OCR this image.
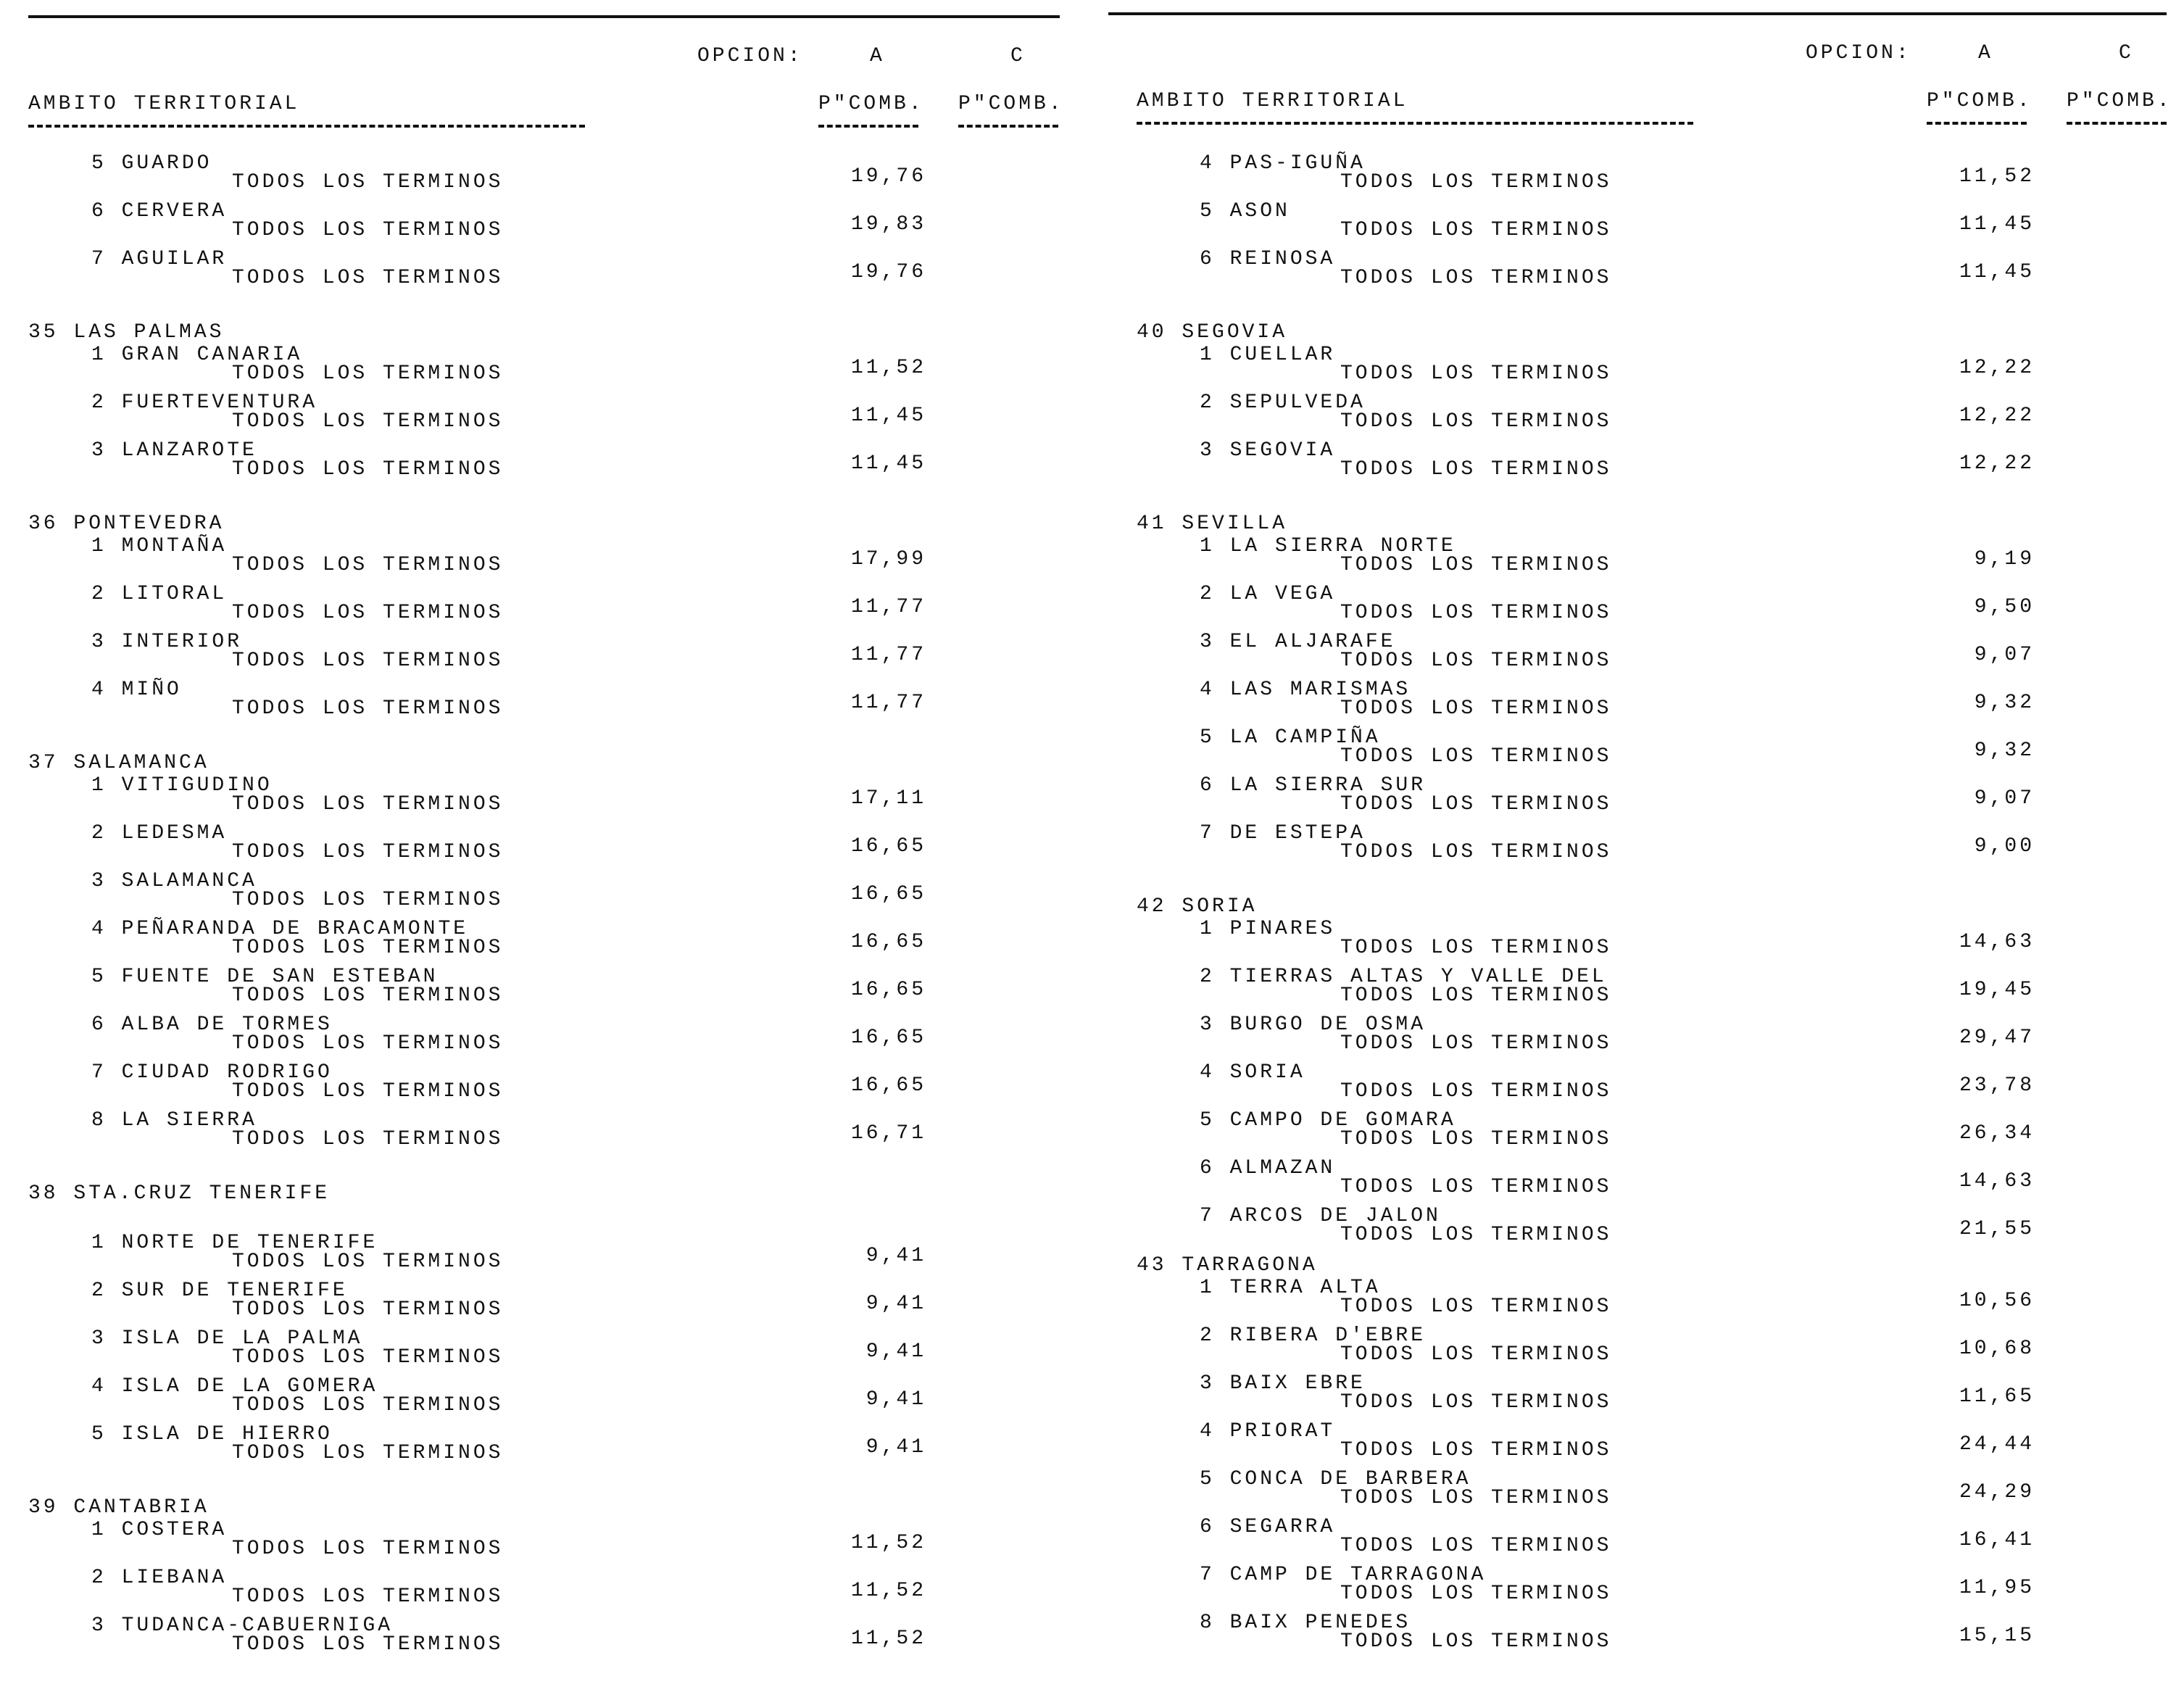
OPCION:	A	C
AMBITO TERRITORIAL	P"COMB. P"COMB.
5 GUARDO
TODOS LOS TERMINOS	19,76
6 CERVERA
TODOS LOS TERMINOS	19,83
7 AGUILAR
TODOS LOS TERMINOS	19,76
35 LAS PALMAS
1 GRAN CANARIA
TODOS LOS TERMINOS	11,52
2 FUERTEVENTURA
TODOS LOS TERMINOS	11,45
3 LANZAROTE
TODOS LOS TERMINOS	11,45
36 PONTEVEDRA
1 MONTAÑA
TODOS LOS TERMINOS	17,99
2 LITORAL
TODOS LOS TERMINOS	11,77
3 INTERIOR
TODOS LOS TERMINOS	11,77
4 MIÑO
TODOS LOS TERMINOS	11,77
37 SALAMANCA
1 VITIGUDINO
TODOS LOS TERMINOS	17,11
2 LEDESMA
TODOS LOS TERMINOS	16,65
3 SALAMANCA
TODOS LOS TERMINOS	16,65
4 PEÑARANDA DE BRACAMONTE
TODOS LOS TERMINOS	16,65
5 FUENTE DE SAN ESTEBAN
TODOS LOS TERMINOS	16,65
6 ALBA DE TORMES
TODOS LOS TERMINOS	16,65
7 CIUDAD RODRIGO
TODOS LOS TERMINOS	16,65
8 LA SIERRA
TODOS LOS TERMINOS	16,71
38 STA.CRUZ TENERIFE
1 NORTE DE TENERIFE
TODOS LOS TERMINOS	9,41
2 SUR DE TENERIFE
TODOS LOS TERMINOS	9,41
3 ISLA DE LA PALMA
TODOS LOS TERMINOS	9,41
4 ISLA DE LA GOMERA
TODOS LOS TERMINOS	9,41
5 ISLA DE HIERRO
TODOS LOS TERMINOS	9,41
39 CANTABRIA
1 COSTERA
TODOS LOS TERMINOS	11,52
2 LIEBANA
TODOS LOS TERMINOS	11,52
3 TUDANCA-CABUERNIGA
TODOS LOS TERMINOS	11,52
OPCION:	A	C
AMBITO TERRITORIAL	P"COMB. P"COMB.
4 PAS-IGUÑA
TODOS LOS TERMINOS	11,52
5 ASON
TODOS LOS TERMINOS	11,45
6 REINOSA
TODOS LOS TERMINOS	11,45
40 SEGOVIA
1 CUELLAR
TODOS LOS TERMINOS	12,22
2 SEPULVEDA
TODOS LOS TERMINOS	12,22
3 SEGOVIA
TODOS LOS TERMINOS	12,22
41 SEVILLA
1 LA SIERRA NORTE
TODOS LOS TERMINOS	9,19
2 LA VEGA
TODOS LOS TERMINOS	9,50
3 EL ALJARAFE
TODOS LOS TERMINOS	9,07
4 LAS MARISMAS
TODOS LOS TERMINOS	9,32
5 LA CAMPIÑA
TODOS LOS TERMINOS	9,32
6 LA SIERRA SUR
TODOS LOS TERMINOS	9,07
7 DE ESTEPA
TODOS LOS TERMINOS	9,00
42 SORIA
1 PINARES
TODOS LOS TERMINOS	14,63
2 TIERRAS ALTAS Y VALLE DEL
TODOS LOS TERMINOS	19,45
3 BURGO DE OSMA
TODOS LOS TERMINOS	29,47
4 SORIA
TODOS LOS TERMINOS	23,78
5 CAMPO DE GOMARA
TODOS LOS TERMINOS	26,34
6 ALMAZAN
TODOS LOS TERMINOS	14,63
7 ARCOS DE JALON
TODOS LOS TERMINOS	21,55
43 TARRAGONA
1 TERRA ALTA
TODOS LOS TERMINOS	10,56
2 RIBERA D'EBRE
TODOS LOS TERMINOS	10,68
3 BAIX EBRE
TODOS LOS TERMINOS	11,65
4 PRIORAT
TODOS LOS TERMINOS	24,44
5 CONCA DE BARBERA
TODOS LOS TERMINOS	24,29
6 SEGARRA
TODOS LOS TERMINOS	16,41
7 CAMP DE TARRAGONA
TODOS LOS TERMINOS	11,95
8 BAIX PENEDES
TODOS LOS TERMINOS	15,15
